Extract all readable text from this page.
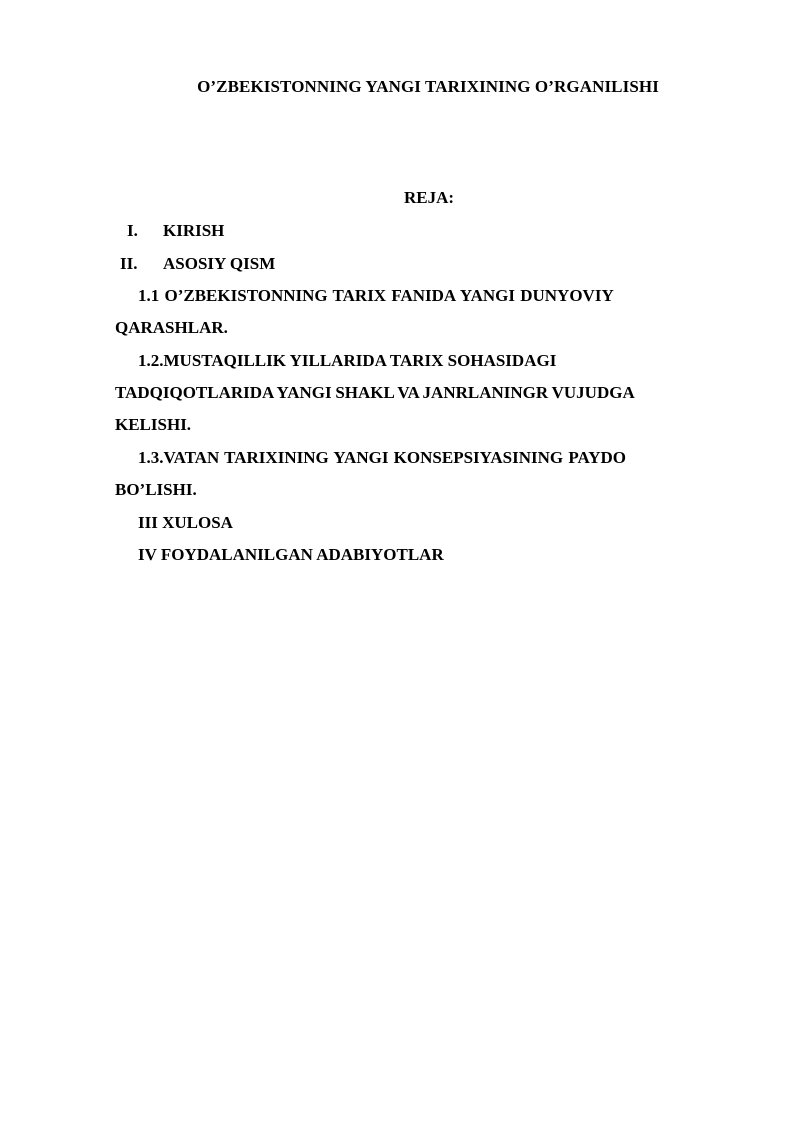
O’ZBEKISTONNING YANGI TARIXINING O’RGANILISHI
REJA:
I. KIRISH
II. ASOSIY QISM
1.1 O’ZBEKISTONNING TARIX FANIDA YANGI DUNYOVIY
QARASHLAR.
1.2.MUSTAQILLIK YILLARIDA TARIX SOHASIDAGI
TADQIQOTLARIDA YANGI SHAKL VA JANRLANINGR VUJUDGA
KELISHI.
1.3.VATAN TARIXINING YANGI KONSEPSIYASINING PAYDO
BO’LISHI.
III XULOSA
IV FOYDALANILGAN ADABIYOTLAR
